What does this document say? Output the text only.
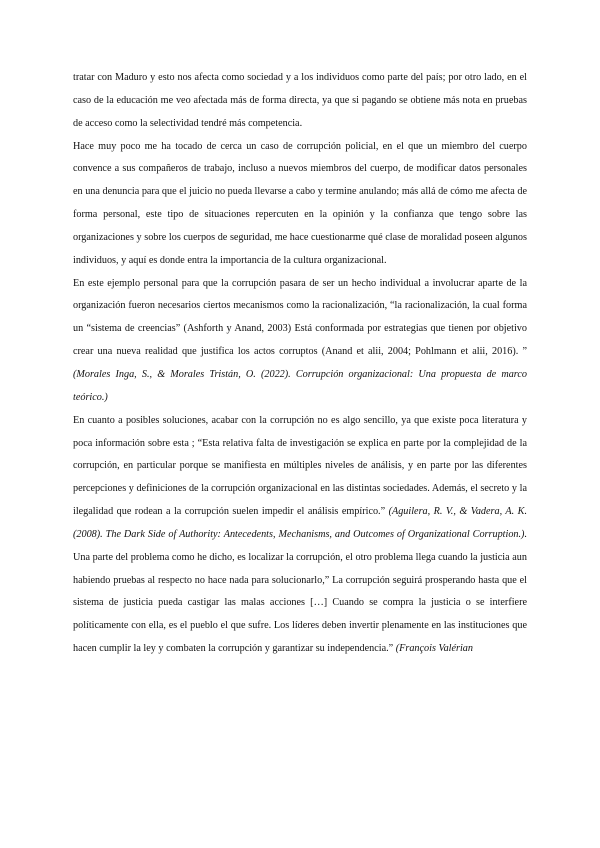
tratar con Maduro y esto nos afecta como sociedad y a los individuos como parte del país; por otro lado, en el caso de la educación me veo afectada más de forma directa, ya que si pagando se obtiene más nota en pruebas de acceso como la selectividad tendré más competencia.

Hace muy poco me ha tocado de cerca un caso de corrupción policial, en el que un miembro del cuerpo convence a sus compañeros de trabajo, incluso a nuevos miembros del cuerpo, de modificar datos personales en una denuncia para que el juicio no pueda llevarse a cabo y termine anulando; más allá de cómo me afecta de forma personal, este tipo de situaciones repercuten en la opinión y la confianza que tengo sobre las organizaciones y sobre los cuerpos de seguridad, me hace cuestionarme qué clase de moralidad poseen algunos individuos, y aquí es donde entra la importancia de la cultura organizacional.

En este ejemplo personal para que la corrupción pasara de ser un hecho individual a involucrar aparte de la organización fueron necesarios ciertos mecanismos como la racionalización, “la racionalización, la cual forma un “sistema de creencias” (Ashforth y Anand, 2003) Está conformada por estrategias que tienen por objetivo crear una nueva realidad que justifica los actos corruptos (Anand et alii, 2004; Pohlmann et alii, 2016). ” (Morales Inga, S., & Morales Tristán, O. (2022). Corrupción organizacional: Una propuesta de marco teórico.)

En cuanto a posibles soluciones, acabar con la corrupción no es algo sencillo, ya que existe poca literatura y poca información sobre esta ; “Esta relativa falta de investigación se explica en parte por la complejidad de la corrupción, en particular porque se manifiesta en múltiples niveles de análisis, y en parte por las diferentes percepciones y definiciones de la corrupción organizacional en las distintas sociedades. Además, el secreto y la ilegalidad que rodean a la corrupción suelen impedir el análisis empírico.” (Aguilera, R. V., & Vadera, A. K. (2008). The Dark Side of Authority: Antecedents, Mechanisms, and Outcomes of Organizational Corruption.). Una parte del problema como he dicho, es localizar la corrupción, el otro problema llega cuando la justicia aun habiendo pruebas al respecto no hace nada para solucionarlo,” La corrupción seguirá prosperando hasta que el sistema de justicia pueda castigar las malas acciones […] Cuando se compra la justicia o se interfiere políticamente con ella, es el pueblo el que sufre. Los líderes deben invertir plenamente en las instituciones que hacen cumplir la ley y combaten la corrupción y garantizar su independencia.” (François Valérian
